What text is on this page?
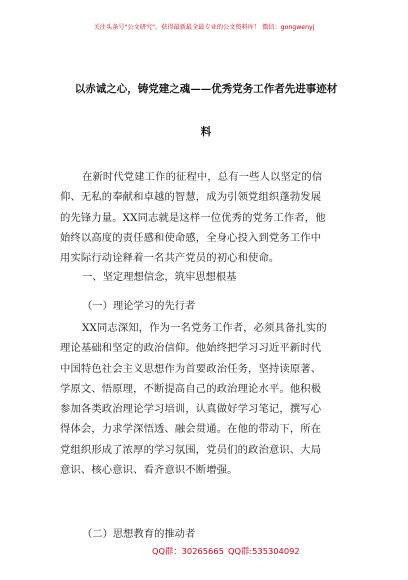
关注头条号"公文研究"，获得最新最全最专业的公文资料库！ 微信：gongwenyj
以赤诚之心，铸党建之魂——优秀党务工作者先进事迹材
料
在新时代党建工作的征程中，总有一些人以坚定的信
仰、无私的奉献和卓越的智慧，成为引领党组织蓬勃发展
的先锋力量。XX同志就是这样一位优秀的党务工作者，他
始终以高度的责任感和使命感，全身心投入到党务工作中
用实际行动诠释着一名共产党员的初心和使命。
一、坚定理想信念，筑牢思想根基
（一）理论学习的先行者
XX同志深知，作为一名党务工作者，必须具备扎实的
理论基础和坚定的政治信仰。他始终把学习习近平新时代
中国特色社会主义思想作为首要政治任务，坚持读原著、
学原文、悟原理，不断提高自己的政治理论水平。他积极
参加各类政治理论学习培训，认真做好学习笔记，撰写心
得体会，力求学深悟透、融会贯通。在他的带动下，所在
党组织形成了浓厚的学习氛围，党员们的政治意识、大局
意识、核心意识、看齐意识不断增强。
（二）思想教育的推动者
QQ群：30265665 QQ群:535304092
